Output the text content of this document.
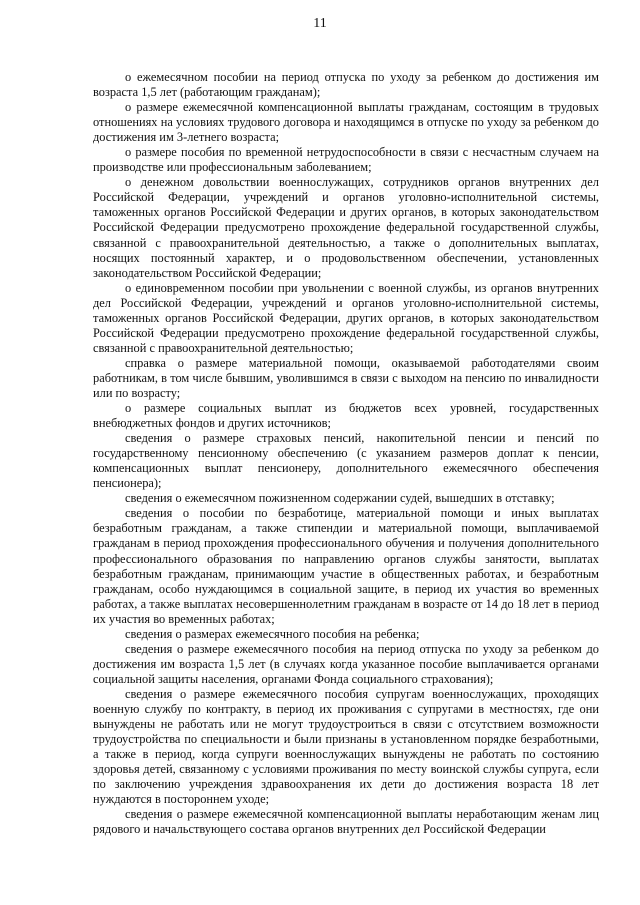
11

о ежемесячном пособии на период отпуска по уходу за ребенком до достижения им возраста 1,5 лет (работающим гражданам);

о размере ежемесячной компенсационной выплаты гражданам, состоящим в трудовых отношениях на условиях трудового договора и находящимся в отпуске по уходу за ребенком до достижения им 3-летнего возраста;

о размере пособия по временной нетрудоспособности в связи с несчастным случаем на производстве или профессиональным заболеванием;

о денежном довольствии военнослужащих, сотрудников органов внутренних дел Российской Федерации, учреждений и органов уголовно-исполнительной системы, таможенных органов Российской Федерации и других органов, в которых законодательством Российской Федерации предусмотрено прохождение федеральной государственной службы, связанной с правоохранительной деятельностью, а также о дополнительных выплатах, носящих постоянный характер, и о продовольственном обеспечении, установленных законодательством Российской Федерации;

о единовременном пособии при увольнении с военной службы, из органов внутренних дел Российской Федерации, учреждений и органов уголовно-исполнительной системы, таможенных органов Российской Федерации, других органов, в которых законодательством Российской Федерации предусмотрено прохождение федеральной государственной службы, связанной с правоохранительной деятельностью;

справка о размере материальной помощи, оказываемой работодателями своим работникам, в том числе бывшим, уволившимся в связи с выходом на пенсию по инвалидности или по возрасту;

о размере социальных выплат из бюджетов всех уровней, государственных внебюджетных фондов и других источников;

сведения о размере страховых пенсий, накопительной пенсии и пенсий по государственному пенсионному обеспечению (с указанием размеров доплат к пенсии, компенсационных выплат пенсионеру, дополнительного ежемесячного обеспечения пенсионера);

сведения о ежемесячном пожизненном содержании судей, вышедших в отставку;

сведения о пособии по безработице, материальной помощи и иных выплатах безработным гражданам, а также стипендии и материальной помощи, выплачиваемой гражданам в период прохождения профессионального обучения и получения дополнительного профессионального образования по направлению органов службы занятости, выплатах безработным гражданам, принимающим участие в общественных работах, и безработным гражданам, особо нуждающимся в социальной защите, в период их участия во временных работах, а также выплатах несовершеннолетним гражданам в возрасте от 14 до 18 лет в период их участия во временных работах;

сведения о размерах ежемесячного пособия на ребенка;

сведения о размере ежемесячного пособия на период отпуска по уходу за ребенком до достижения им возраста 1,5 лет (в случаях когда указанное пособие выплачивается органами социальной защиты населения, органами Фонда социального страхования);

сведения о размере ежемесячного пособия супругам военнослужащих, проходящих военную службу по контракту, в период их проживания с супругами в местностях, где они вынуждены не работать или не могут трудоустроиться в связи с отсутствием возможности трудоустройства по специальности и были признаны в установленном порядке безработными, а также в период, когда супруги военнослужащих вынуждены не работать по состоянию здоровья детей, связанному с условиями проживания по месту воинской службы супруга, если по заключению учреждения здравоохранения их дети до достижения возраста 18 лет нуждаются в постороннем уходе;

сведения о размере ежемесячной компенсационной выплаты неработающим женам лиц рядового и начальствующего состава органов внутренних дел Российской Федерации
